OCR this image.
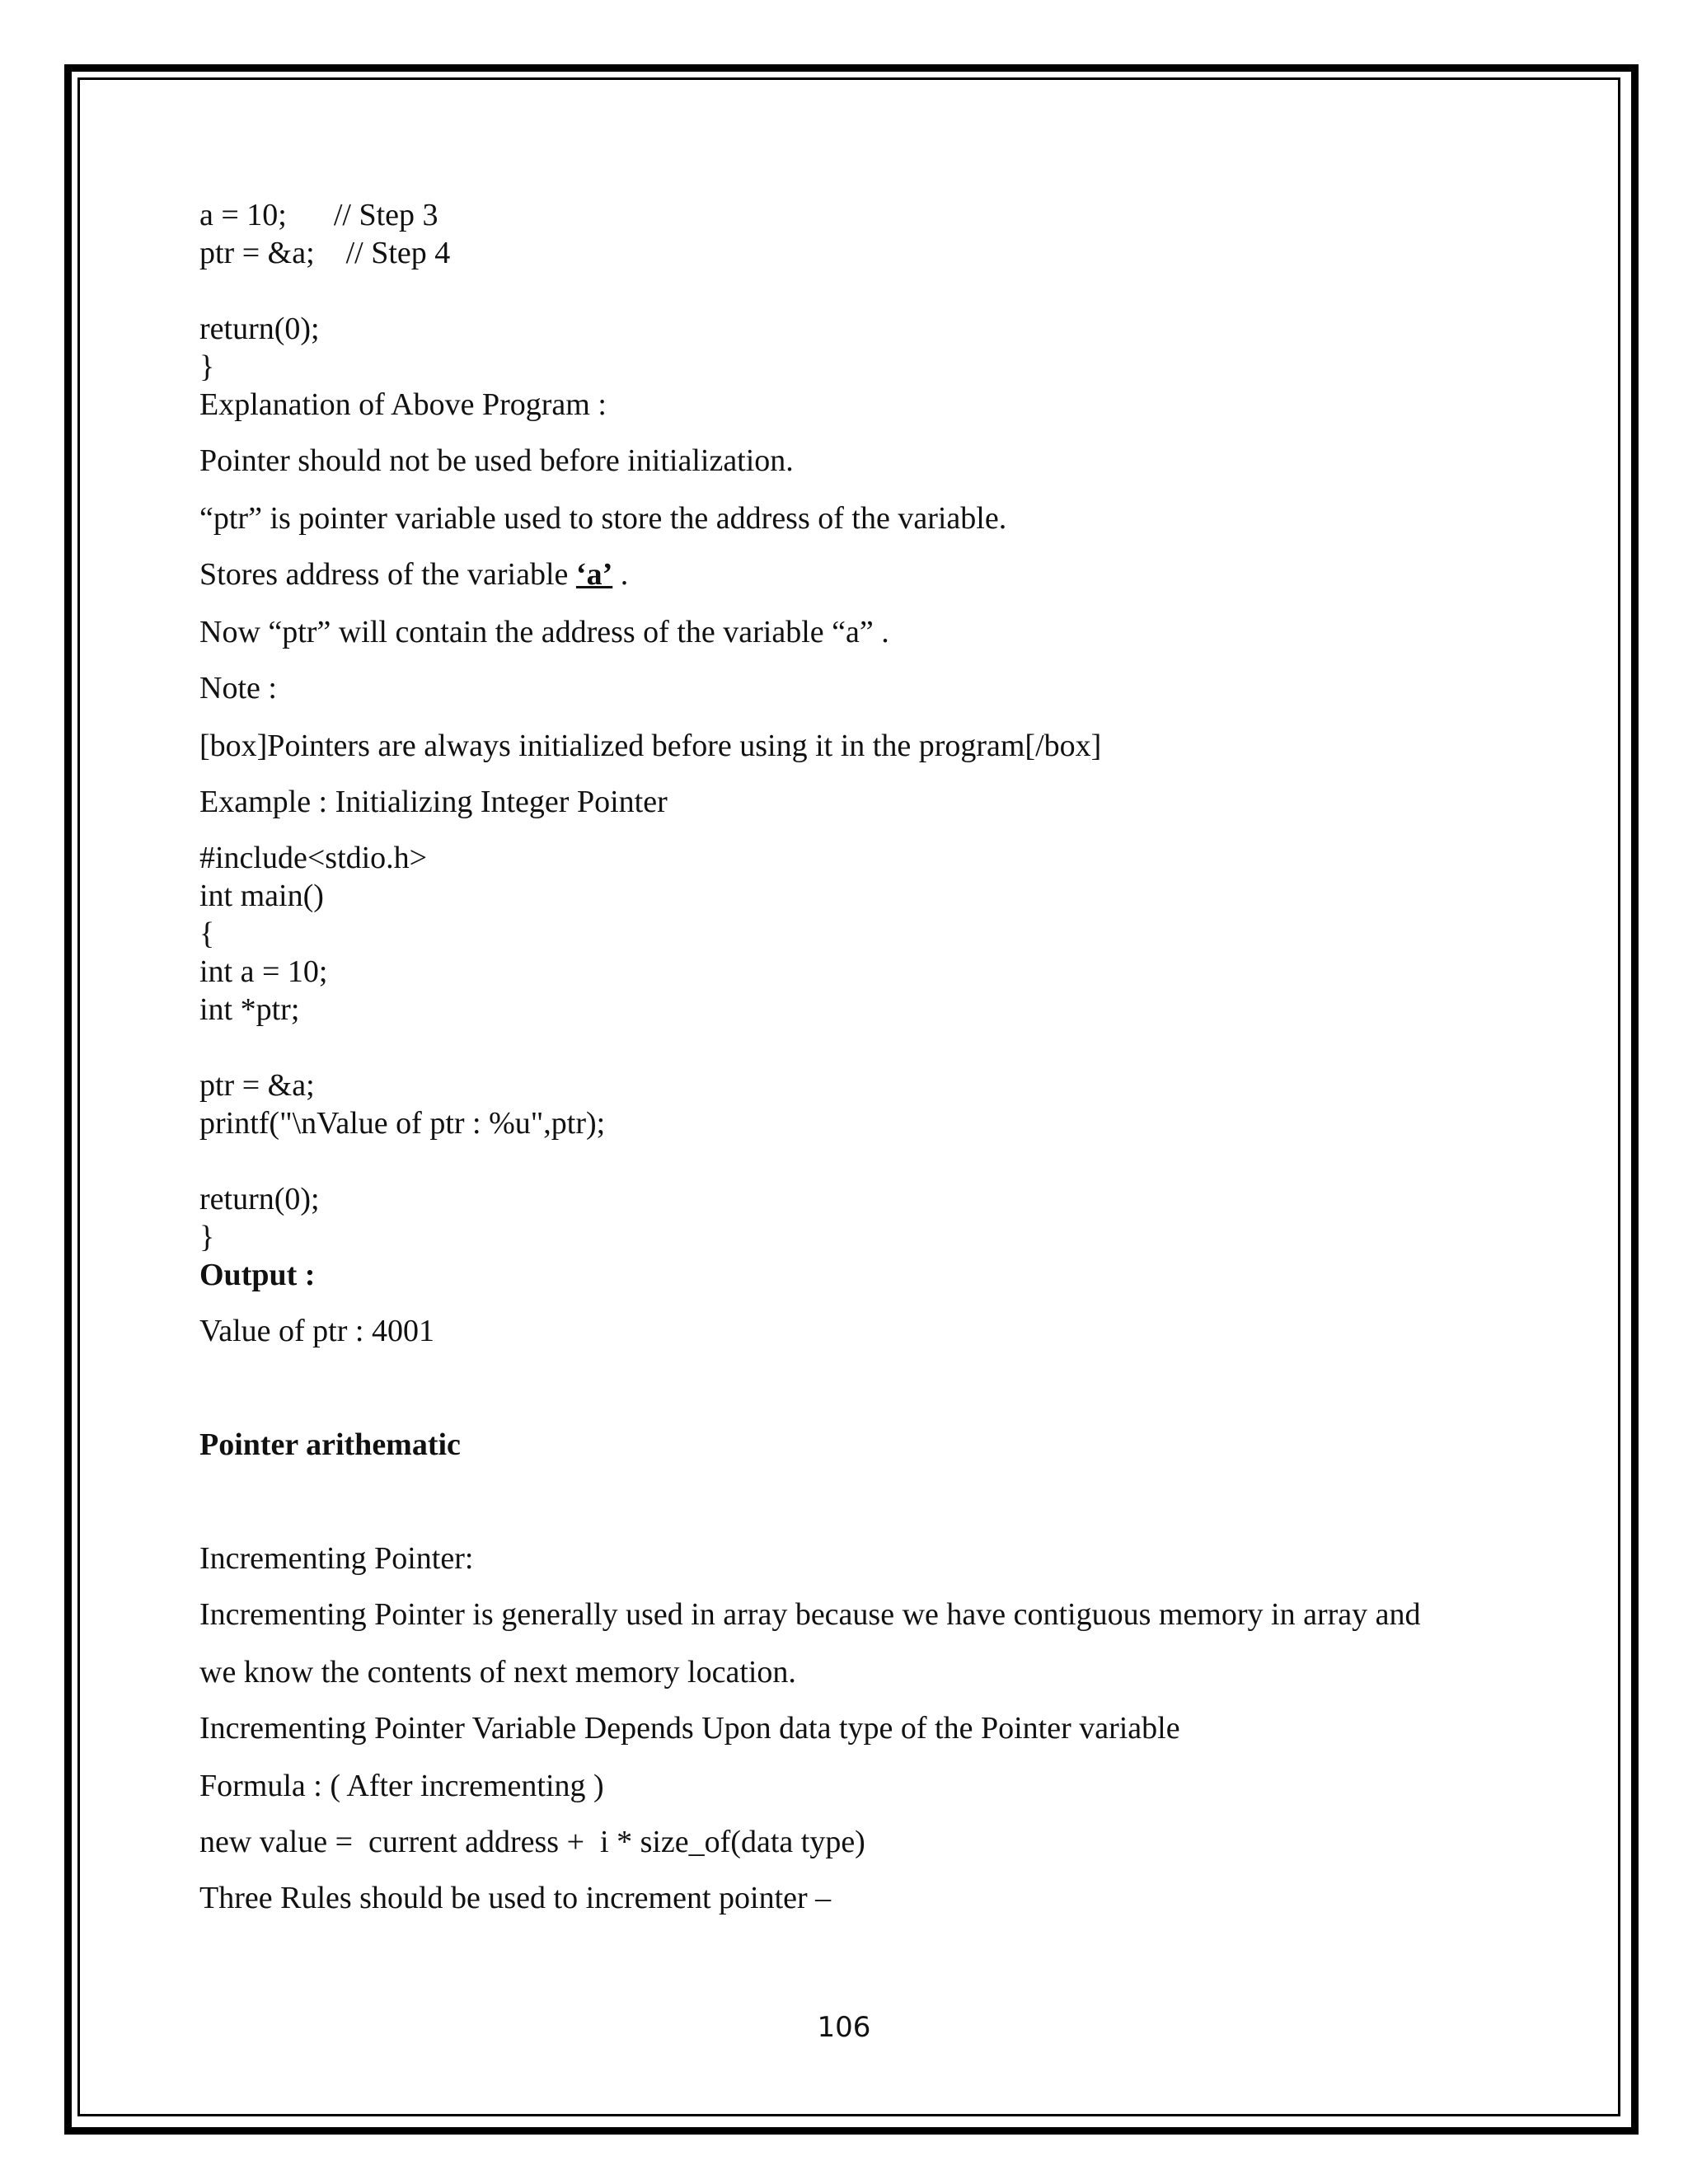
a = 10;      // Step 3

ptr = &a;    // Step 4

return(0);

}

Explanation of Above Program :

Pointer should not be used before initialization.

“ptr” is pointer variable used to store the address of the variable.

Stores address of the variable ‘a’ .

Now “ptr” will contain the address of the variable “a” .

Note :

[box]Pointers are always initialized before using it in the program[/box]

Example : Initializing Integer Pointer

#include<stdio.h>

int main()

{

int a = 10;

int *ptr;

ptr = &a;

printf("\nValue of ptr : %u",ptr);

return(0);

}

Output :

Value of ptr : 4001

Pointer arithematic

Incrementing Pointer:

Incrementing Pointer is generally used in array because we have contiguous memory in array and

we know the contents of next memory location.

Incrementing Pointer Variable Depends Upon data type of the Pointer variable

Formula : ( After incrementing )

new value =  current address +  i * size_of(data type)

Three Rules should be used to increment pointer –

106
